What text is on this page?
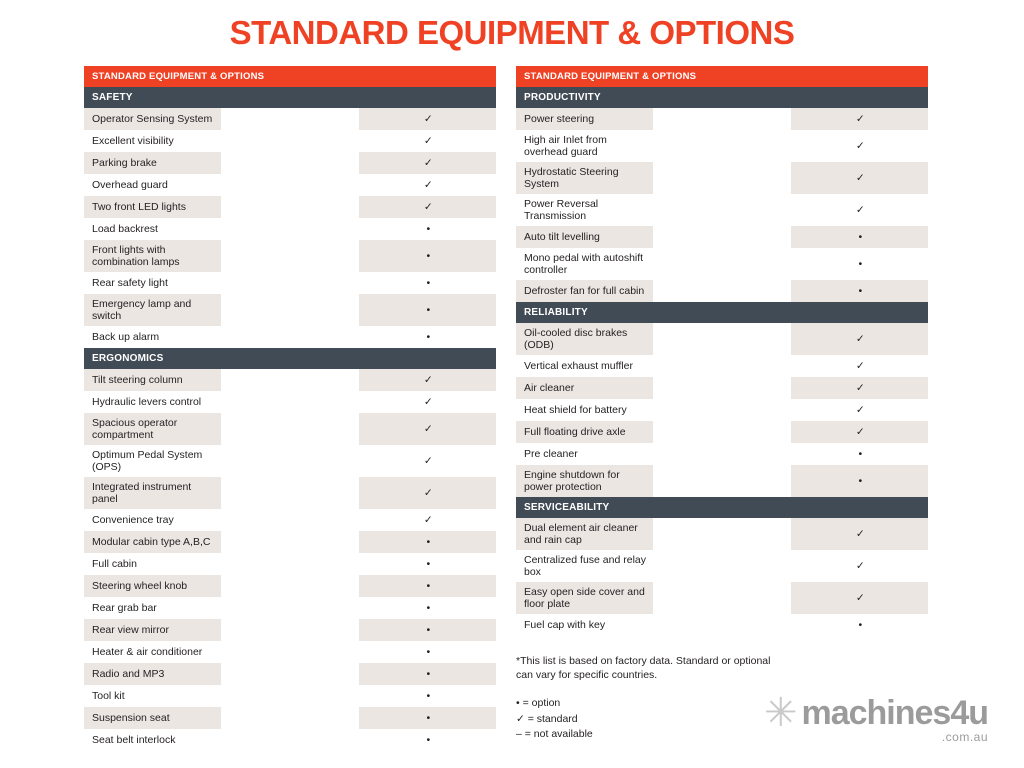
STANDARD EQUIPMENT & OPTIONS
STANDARD EQUIPMENT & OPTIONS		
SAFETY		
Operator Sensing System		✓
Excellent visibility		✓
Parking brake		✓
Overhead guard		✓
Two front LED lights		✓
Load backrest		•
Front lights with combination lamps		•
Rear safety light		•
Emergency lamp and switch		•
Back up alarm		•
ERGONOMICS		
Tilt steering column		✓
Hydraulic levers control		✓
Spacious operator compartment		✓
Optimum Pedal System (OPS)		✓
Integrated instrument panel		✓
Convenience tray		✓
Modular cabin type A,B,C		•
Full cabin		•
Steering wheel knob		•
Rear grab bar		•
Rear view mirror		•
Heater & air conditioner		•
Radio and MP3		•
Tool kit		•
Suspension seat		•
Seat belt interlock		•
STANDARD EQUIPMENT & OPTIONS		
PRODUCTIVITY		
Power steering		✓
High air Inlet from overhead guard		✓
Hydrostatic Steering System		✓
Power Reversal Transmission		✓
Auto tilt levelling		•
Mono pedal with autoshift controller		•
Defroster fan for full cabin		•
RELIABILITY		
Oil-cooled disc brakes (ODB)		✓
Vertical exhaust muffler		✓
Air cleaner		✓
Heat shield for battery		✓
Full floating drive axle		✓
Pre cleaner		•
Engine shutdown for power protection		•
SERVICEABILITY		
Dual element air cleaner and rain cap		✓
Centralized fuse and relay box		✓
Easy open side cover and floor plate		✓
Fuel cap with key		•
*This list is based on factory data. Standard or optional
can vary for specific countries.
• = option
✓ = standard
– = not available	✳ machines4u
.com.au
